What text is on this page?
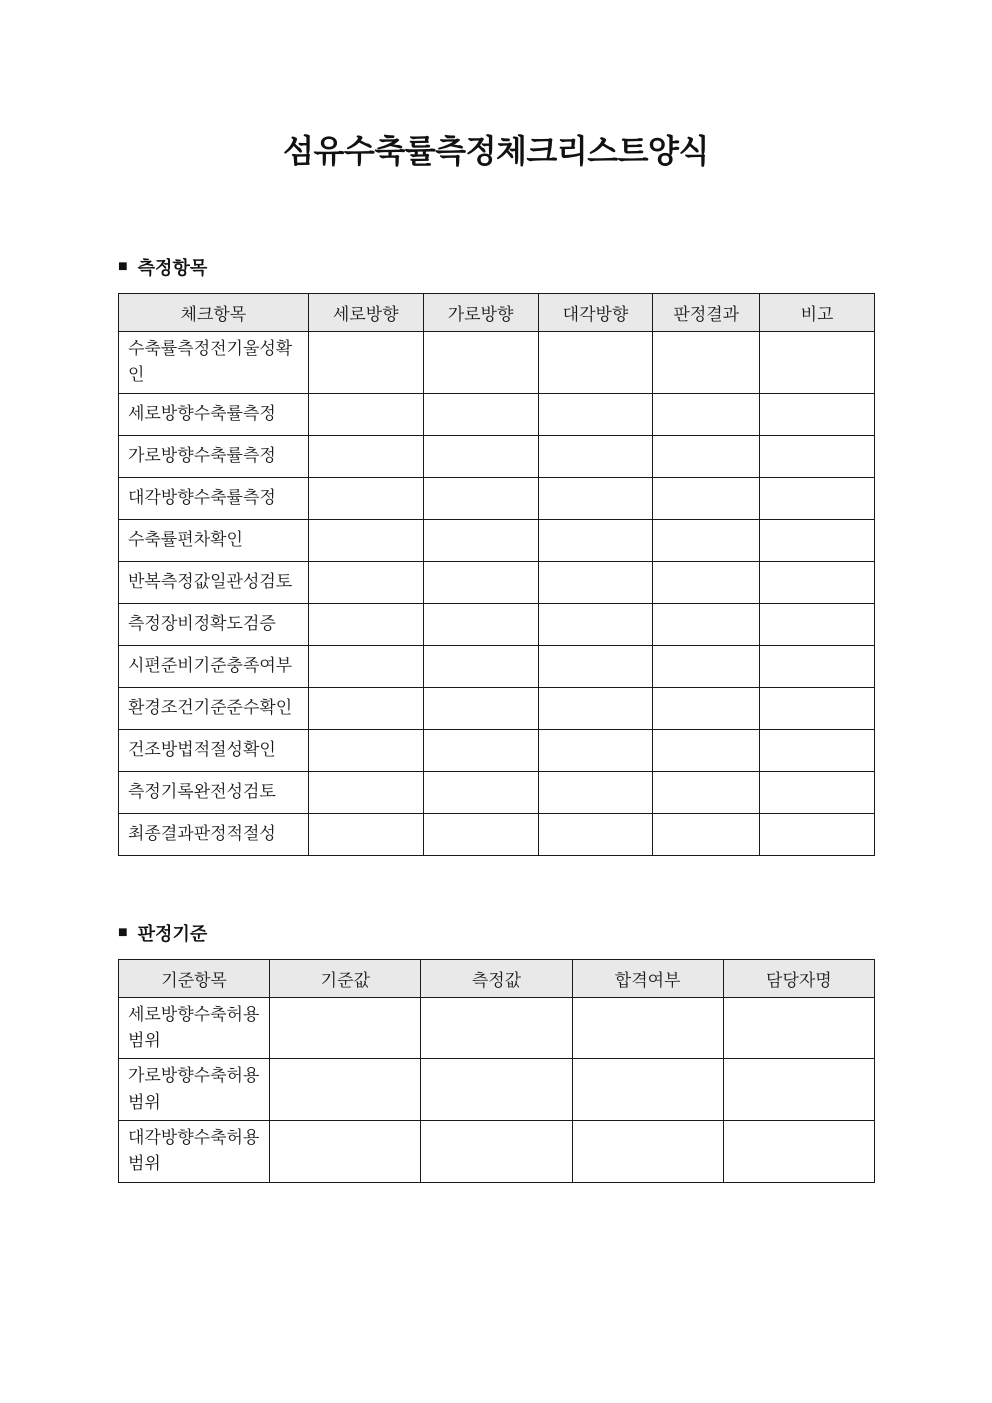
섬유수축률측정체크리스트양식
■ 측정항목
체크항목	세로방향	가로방향	대각방향	판정결과	비고
수축률측정전기울성확인					
세로방향수축률측정					
가로방향수축률측정					
대각방향수축률측정					
수축률편차확인					
반복측정값일관성검토					
측정장비정확도검증					
시편준비기준충족여부					
환경조건기준준수확인					
건조방법적절성확인					
측정기록완전성검토					
최종결과판정적절성					
■ 판정기준
기준항목	기준값	측정값	합격여부	담당자명
세로방향수축허용범위				
가로방향수축허용범위				
대각방향수축허용범위				
